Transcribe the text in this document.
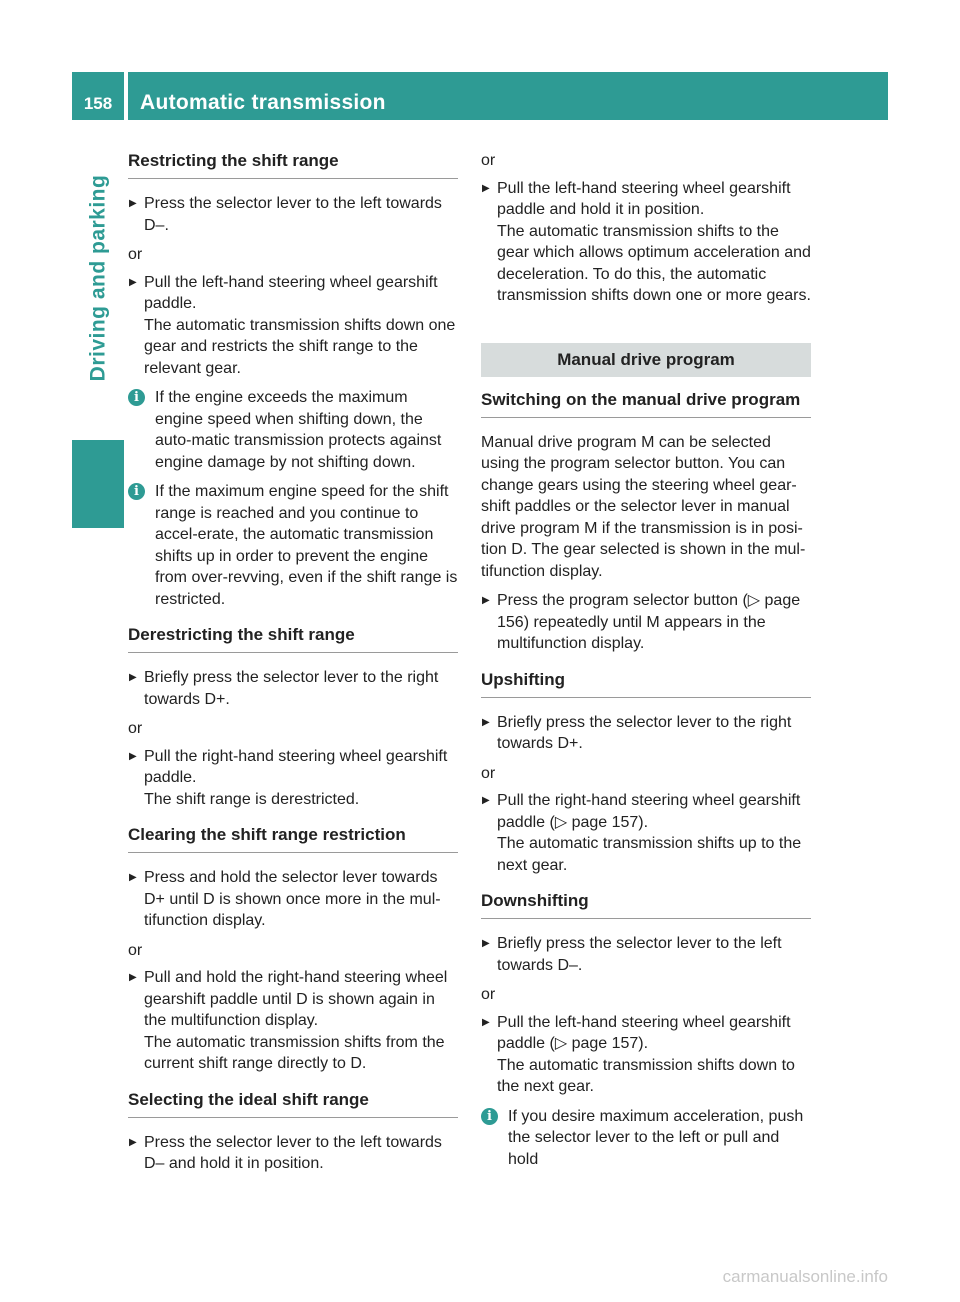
158	Automatic transmission
Driving and parking
Restricting the shift range
▶ Press the selector lever to the left towards D–.
or
▶ Pull the left-hand steering wheel gearshift paddle.
The automatic transmission shifts down one gear and restricts the shift range to the relevant gear.
i	If the engine exceeds the maximum engine speed when shifting down, the auto-matic transmission protects against engine damage by not shifting down.
i	If the maximum engine speed for the shift range is reached and you continue to accel-erate, the automatic transmission shifts up in order to prevent the engine from over-revving, even if the shift range is restricted.
Derestricting the shift range
▶ Briefly press the selector lever to the right towards D+.
or
▶ Pull the right-hand steering wheel gearshift paddle.
The shift range is derestricted.
Clearing the shift range restriction
▶ Press and hold the selector lever towards D+ until D is shown once more in the mul-tifunction display.
or
▶ Pull and hold the right-hand steering wheel gearshift paddle until D is shown again in the multifunction display.
The automatic transmission shifts from the current shift range directly to D.
Selecting the ideal shift range
▶ Press the selector lever to the left towards D– and hold it in position.
or
▶ Pull the left-hand steering wheel gearshift paddle and hold it in position.
The automatic transmission shifts to the gear which allows optimum acceleration and deceleration. To do this, the automatic transmission shifts down one or more gears.
Manual drive program
Switching on the manual drive program
Manual drive program M can be selected using the program selector button. You can change gears using the steering wheel gear-shift paddles or the selector lever in manual drive program M if the transmission is in posi-tion D. The gear selected is shown in the mul-tifunction display.
▶ Press the program selector button (▷ page 156) repeatedly until M appears in the multifunction display.
Upshifting
▶ Briefly press the selector lever to the right towards D+.
or
▶ Pull the right-hand steering wheel gearshift paddle (▷ page 157).
The automatic transmission shifts up to the next gear.
Downshifting
▶ Briefly press the selector lever to the left towards D–.
or
▶ Pull the left-hand steering wheel gearshift paddle (▷ page 157).
The automatic transmission shifts down to the next gear.
i	If you desire maximum acceleration, push the selector lever to the left or pull and hold
carmanualsonline.info
